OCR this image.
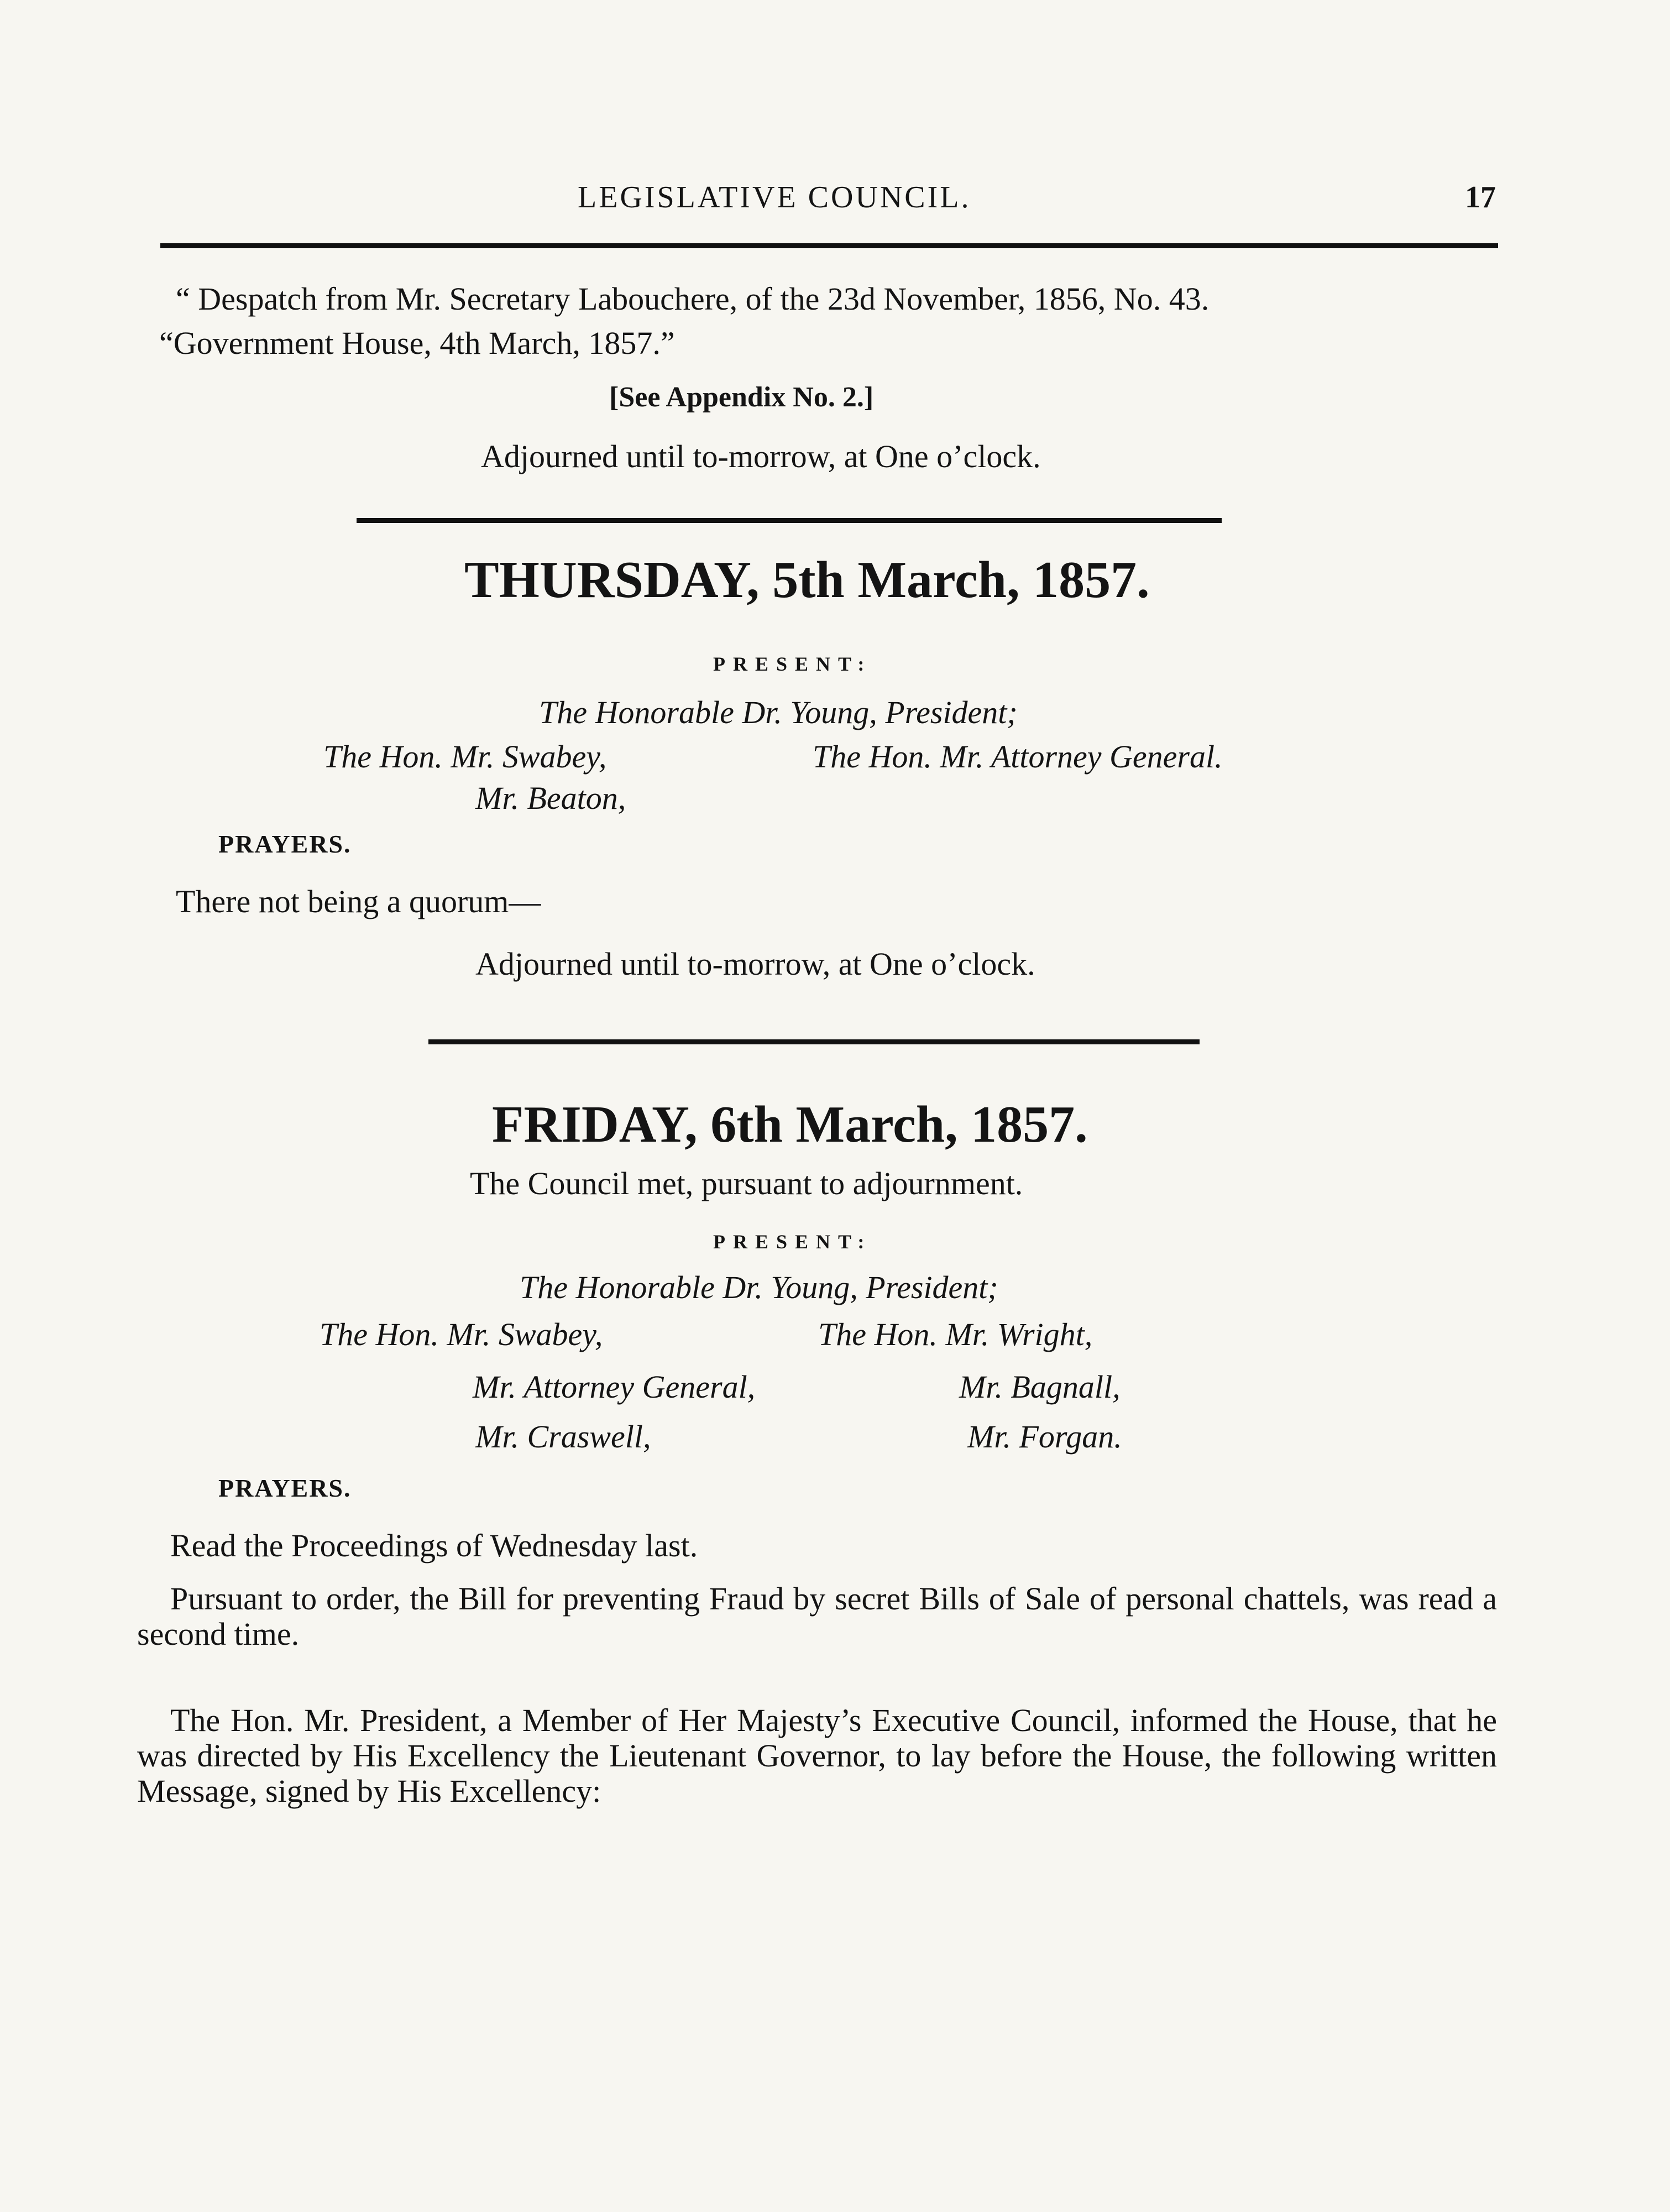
LEGISLATIVE COUNCIL.	17
“ Despatch from Mr. Secretary Labouchere, of the 23d November, 1856, No. 43.
“Government House, 4th March, 1857.”
[See Appendix No. 2.]
Adjourned until to-morrow, at One o’clock.
THURSDAY, 5th March, 1857.
PRESENT:
The Honorable Dr. Young, President;
The Hon. Mr. Swabey,	The Hon. Mr. Attorney General.
Mr. Beaton,
PRAYERS.
There not being a quorum—
Adjourned until to-morrow, at One o’clock.
FRIDAY, 6th March, 1857.
The Council met, pursuant to adjournment.
PRESENT:
The Honorable Dr. Young, President;
The Hon. Mr. Swabey,	The Hon. Mr. Wright,
Mr. Attorney General,	Mr. Bagnall,
Mr. Craswell,	Mr. Forgan.
PRAYERS.
Read the Proceedings of Wednesday last.
Pursuant to order, the Bill for preventing Fraud by secret Bills of Sale of personal chattels, was read a second time.
The Hon. Mr. President, a Member of Her Majesty’s Executive Council, informed the House, that he was directed by His Excellency the Lieutenant Governor, to lay before the House, the following written Message, signed by His Excellency:
